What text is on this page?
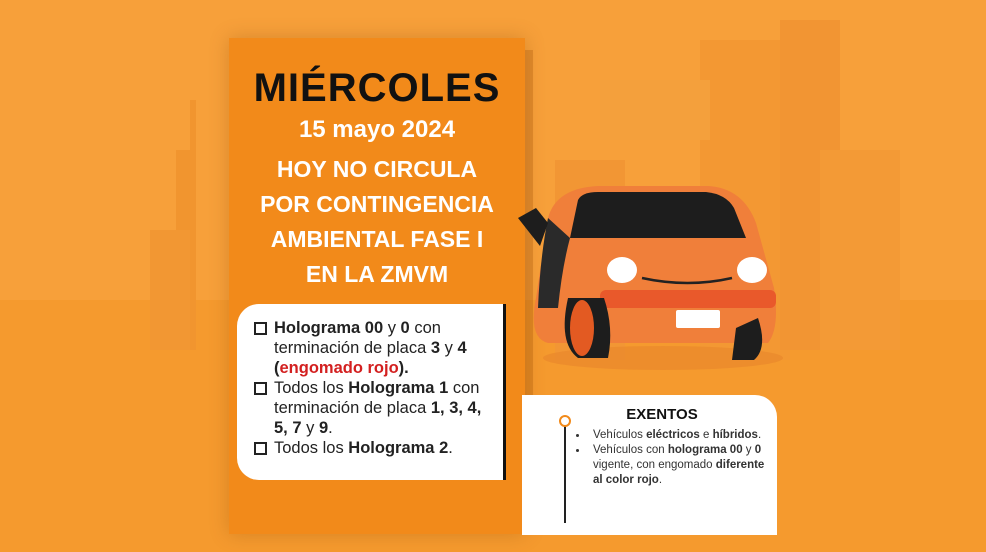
MIÉRCOLES
15 mayo 2024
HOY NO CIRCULA
POR CONTINGENCIA
AMBIENTAL FASE I
EN LA ZMVM
Holograma 00 y 0 con terminación de placa 3 y 4 (engomado rojo).
Todos los Holograma 1 con terminación de placa 1, 3, 4, 5, 7 y 9.
Todos los Holograma 2.
EXENTOS
Vehículos eléctricos e híbridos.
Vehículos con holograma 00 y 0 vigente, con engomado diferente al color rojo.
